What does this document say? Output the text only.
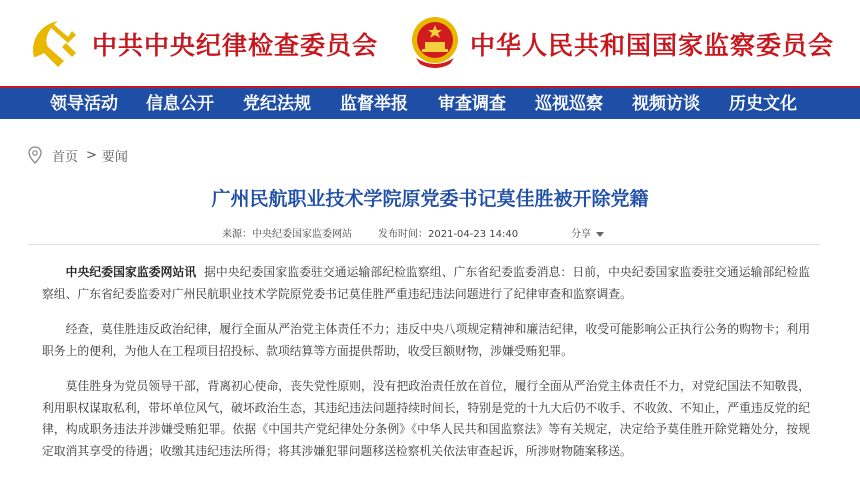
中共中央纪律检查委员会	中华人民共和国国家监察委员会
领导活动 信息公开 党纪法规 监督举报 审查调查 巡视巡察 视频访谈 历史文化
首页 > 要闻
广州民航职业技术学院原党委书记莫佳胜被开除党籍
来源：中央纪委国家监委网站	发布时间：2021-04-23 14:40	分享

中央纪委国家监委网站讯 据中央纪委国家监委驻交通运输部纪检监察组、广东省纪委监委消息：日前，中央纪委国家监委驻交通运输部纪检监察组、广东省纪委监委对广州民航职业技术学院原党委书记莫佳胜严重违纪违法问题进行了纪律审查和监察调查。

经查，莫佳胜违反政治纪律，履行全面从严治党主体责任不力；违反中央八项规定精神和廉洁纪律，收受可能影响公正执行公务的购物卡；利用职务上的便利，为他人在工程项目招投标、款项结算等方面提供帮助，收受巨额财物，涉嫌受贿犯罪。

莫佳胜身为党员领导干部，背离初心使命，丧失党性原则，没有把政治责任放在首位，履行全面从严治党主体责任不力，对党纪国法不知敬畏，利用职权谋取私利，带坏单位风气，破坏政治生态，其违纪违法问题持续时间长，特别是党的十九大后仍不收手、不收敛、不知止，严重违反党的纪律，构成职务违法并涉嫌受贿犯罪。依据《中国共产党纪律处分条例》《中华人民共和国监察法》等有关规定，决定给予莫佳胜开除党籍处分，按规定取消其享受的待遇；收缴其违纪违法所得；将其涉嫌犯罪问题移送检察机关依法审查起诉，所涉财物随案移送。
